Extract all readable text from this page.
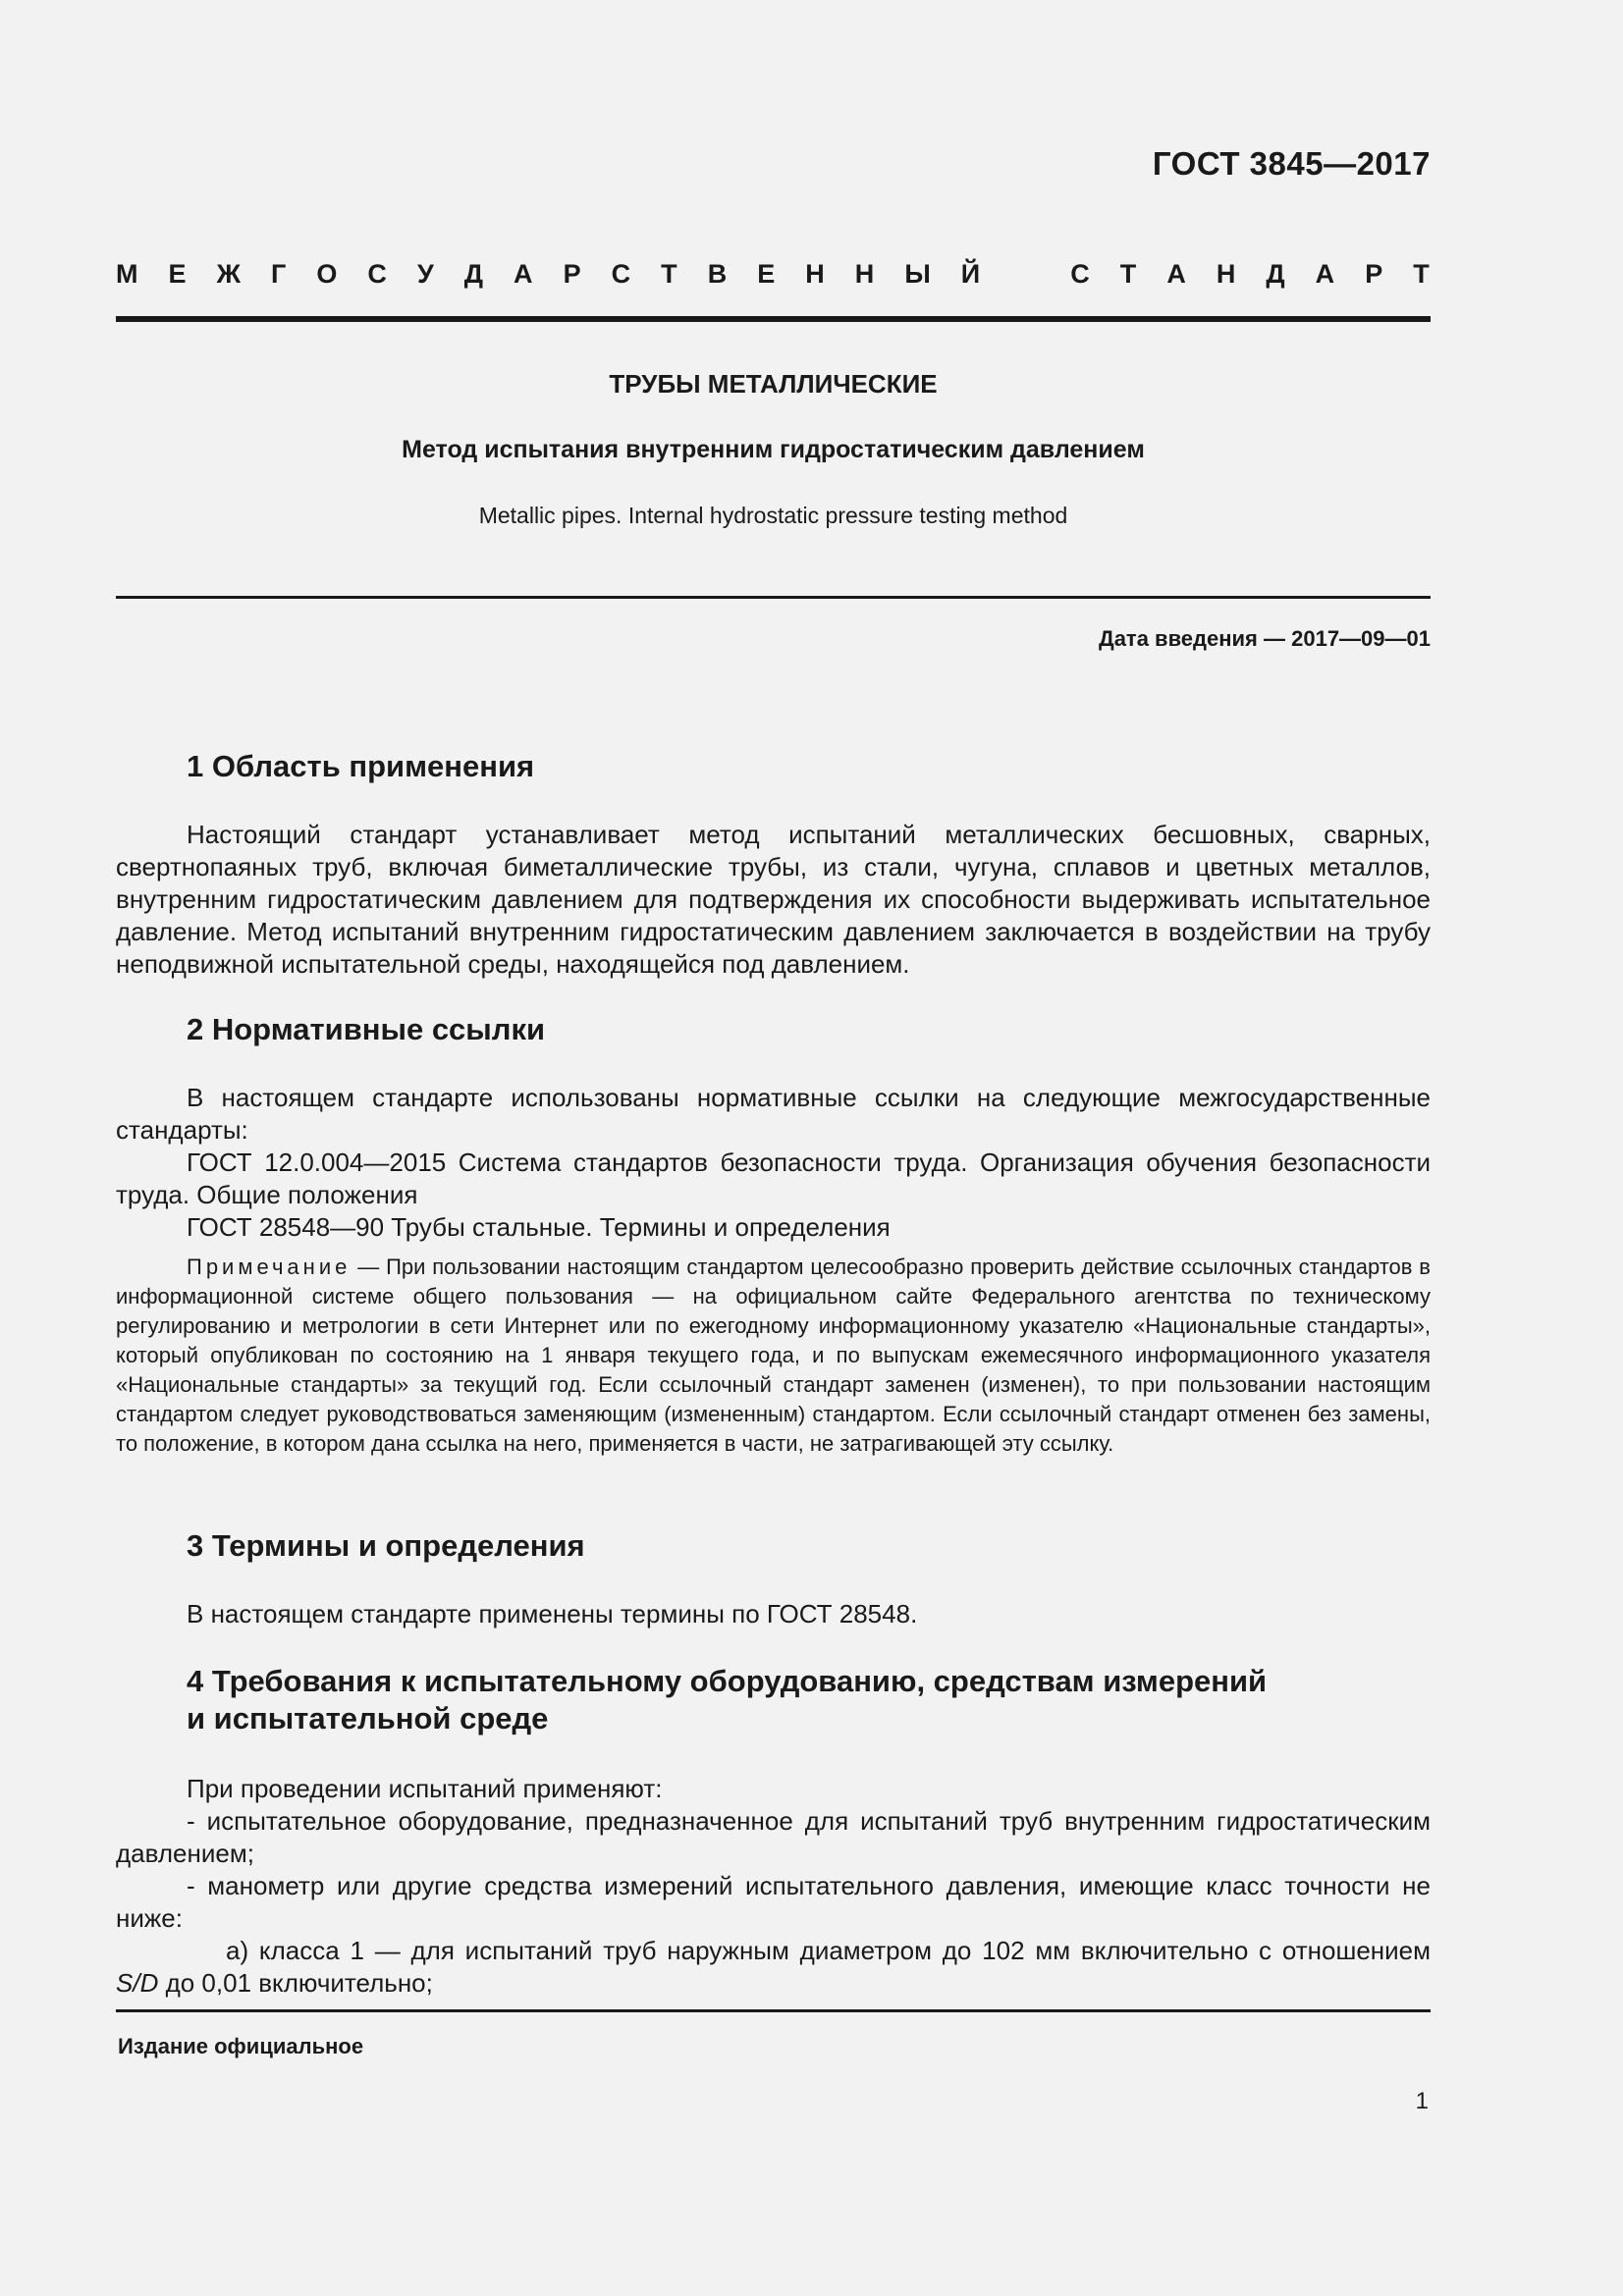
ГОСТ 3845—2017
М Е Ж Г О С У Д А Р С Т В Е Н Н Ы Й	С Т А Н Д А Р Т
ТРУБЫ МЕТАЛЛИЧЕСКИЕ
Метод испытания внутренним гидростатическим давлением
Metallic pipes. Internal hydrostatic pressure testing method
Дата введения — 2017—09—01
1 Область применения

Настоящий стандарт устанавливает метод испытаний металлических бесшовных, сварных, свертнопаяных труб, включая биметаллические трубы, из стали, чугуна, сплавов и цветных металлов, внутренним гидростатическим давлением для подтверждения их способности выдерживать испытательное давление. Метод испытаний внутренним гидростатическим давлением заключается в воздействии на трубу неподвижной испытательной среды, находящейся под давлением.

2 Нормативные ссылки

В настоящем стандарте использованы нормативные ссылки на следующие межгосударственные стандарты:

ГОСТ 12.0.004—2015 Система стандартов безопасности труда. Организация обучения безопасности труда. Общие положения

ГОСТ 28548—90 Трубы стальные. Термины и определения

Примечание — При пользовании настоящим стандартом целесообразно проверить действие ссылочных стандартов в информационной системе общего пользования — на официальном сайте Федерального агентства по техническому регулированию и метрологии в сети Интернет или по ежегодному информационному указателю «Национальные стандарты», который опубликован по состоянию на 1 января текущего года, и по выпускам ежемесячного информационного указателя «Национальные стандарты» за текущий год. Если ссылочный стандарт заменен (изменен), то при пользовании настоящим стандартом следует руководствоваться заменяющим (измененным) стандартом. Если ссылочный стандарт отменен без замены, то положение, в котором дана ссылка на него, применяется в части, не затрагивающей эту ссылку.

3 Термины и определения

В настоящем стандарте применены термины по ГОСТ 28548.

4 Требования к испытательному оборудованию, средствам измерений
и испытательной среде

При проведении испытаний применяют:

- испытательное оборудование, предназначенное для испытаний труб внутренним гидростатическим давлением;

- манометр или другие средства измерений испытательного давления, имеющие класс точности не ниже:

а) класса 1 — для испытаний труб наружным диаметром до 102 мм включительно с отношением S/D до 0,01 включительно;

Издание официальное
1
